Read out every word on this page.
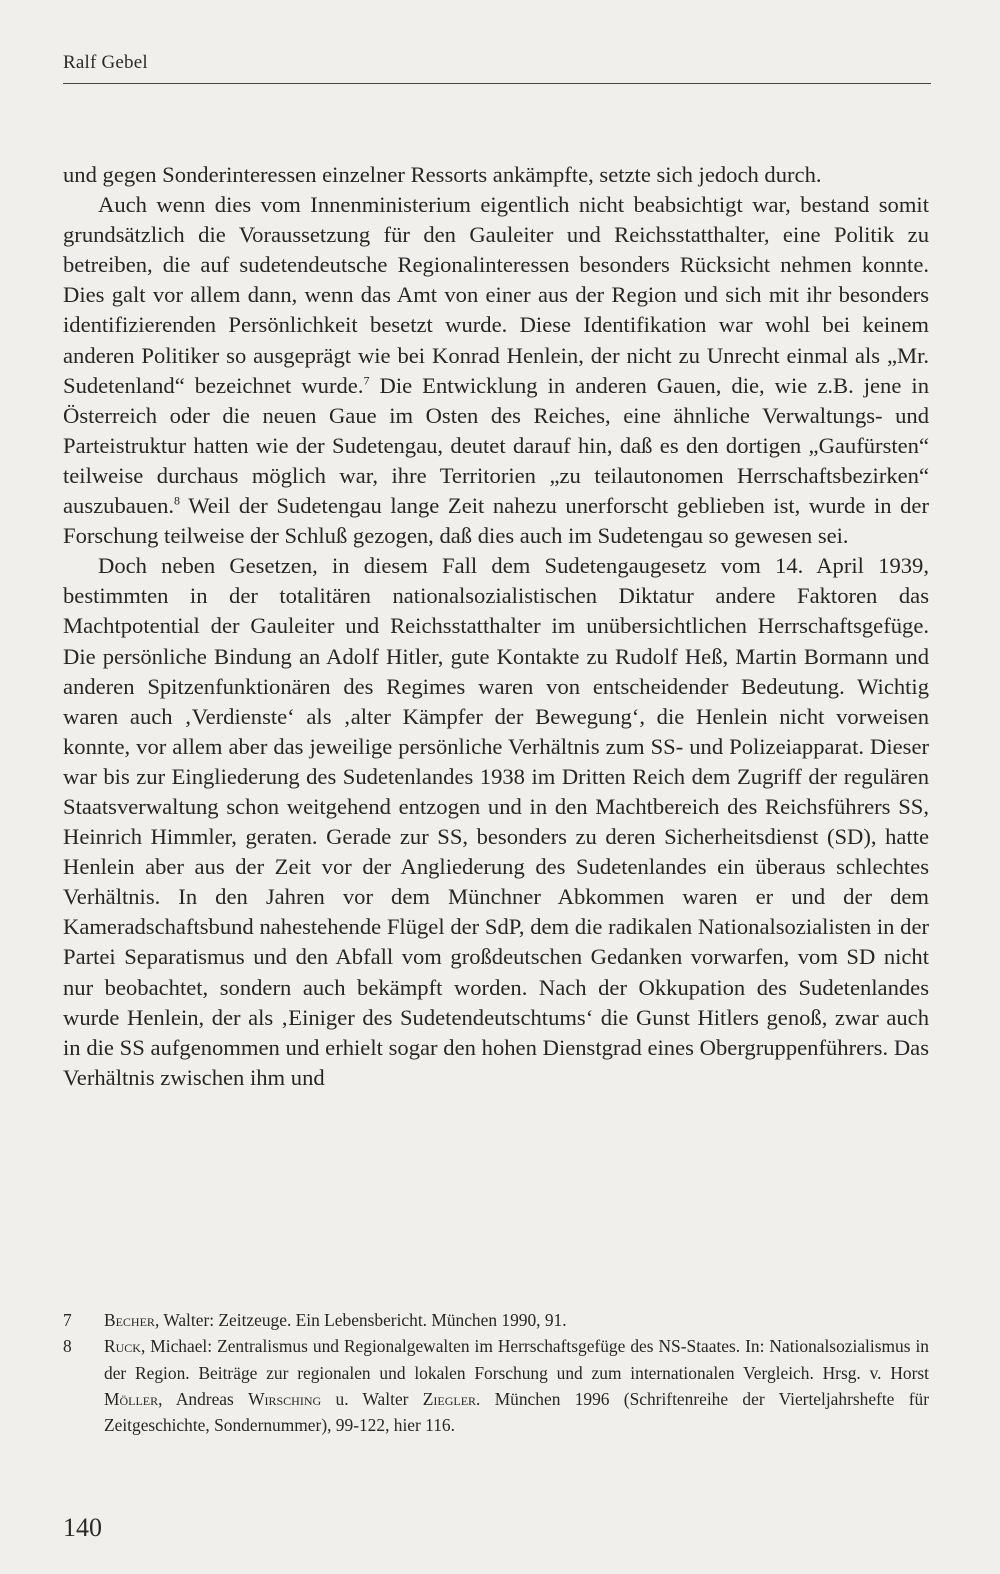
Ralf Gebel

und gegen Sonderinteressen einzelner Ressorts ankämpfte, setzte sich jedoch durch.

Auch wenn dies vom Innenministerium eigentlich nicht beabsichtigt war, bestand somit grundsätzlich die Voraussetzung für den Gauleiter und Reichsstatthalter, eine Politik zu betreiben, die auf sudetendeutsche Regionalinteressen besonders Rücksicht nehmen konnte. Dies galt vor allem dann, wenn das Amt von einer aus der Region und sich mit ihr besonders identifizierenden Persönlichkeit besetzt wurde. Diese Identifikation war wohl bei keinem anderen Politiker so ausgeprägt wie bei Konrad Henlein, der nicht zu Unrecht einmal als „Mr. Sudetenland“ bezeichnet wurde.$^7$ Die Entwicklung in anderen Gauen, die, wie z.B. jene in Österreich oder die neuen Gaue im Osten des Reiches, eine ähnliche Verwaltungs- und Parteistruktur hatten wie der Sudetengau, deutet darauf hin, daß es den dortigen „Gaufürsten“ teilweise durchaus möglich war, ihre Territorien „zu teilautonomen Herrschaftsbezirken“ auszubauen.$^8$ Weil der Sudetengau lange Zeit nahezu unerforscht geblieben ist, wurde in der Forschung teilweise der Schluß gezogen, daß dies auch im Sudetengau so gewesen sei.

Doch neben Gesetzen, in diesem Fall dem Sudetengaugesetz vom 14. April 1939, bestimmten in der totalitären nationalsozialistischen Diktatur andere Faktoren das Machtpotential der Gauleiter und Reichsstatthalter im unübersichtlichen Herrschaftsgefüge. Die persönliche Bindung an Adolf Hitler, gute Kontakte zu Rudolf Heß, Martin Bormann und anderen Spitzenfunktionären des Regimes waren von entscheidender Bedeutung. Wichtig waren auch ‚Verdienste‘ als ‚alter Kämpfer der Bewegung‘, die Henlein nicht vorweisen konnte, vor allem aber das jeweilige persönliche Verhältnis zum SS- und Polizeiapparat. Dieser war bis zur Eingliederung des Sudetenlandes 1938 im Dritten Reich dem Zugriff der regulären Staatsverwaltung schon weitgehend entzogen und in den Machtbereich des Reichsführers SS, Heinrich Himmler, geraten. Gerade zur SS, besonders zu deren Sicherheitsdienst (SD), hatte Henlein aber aus der Zeit vor der Angliederung des Sudetenlandes ein überaus schlechtes Verhältnis. In den Jahren vor dem Münchner Abkommen waren er und der dem Kameradschaftsbund nahestehende Flügel der SdP, dem die radikalen Nationalsozialisten in der Partei Separatismus und den Abfall vom großdeutschen Gedanken vorwarfen, vom SD nicht nur beobachtet, sondern auch bekämpft worden. Nach der Okkupation des Sudetenlandes wurde Henlein, der als ‚Einiger des Sudetendeutschtums‘ die Gunst Hitlers genoß, zwar auch in die SS aufgenommen und erhielt sogar den hohen Dienstgrad eines Obergruppenführers. Das Verhältnis zwischen ihm und

7	Becher, Walter: Zeitzeuge. Ein Lebensbericht. München 1990, 91.
8	Ruck, Michael: Zentralismus und Regionalgewalten im Herrschaftsgefüge des NS-Staates. In: Nationalsozialismus in der Region. Beiträge zur regionalen und lokalen Forschung und zum internationalen Vergleich. Hrsg. v. Horst Möller, Andreas Wirsching u. Walter Ziegler. München 1996 (Schriftenreihe der Vierteljahrshefte für Zeitgeschichte, Sondernummer), 99-122, hier 116.
140
